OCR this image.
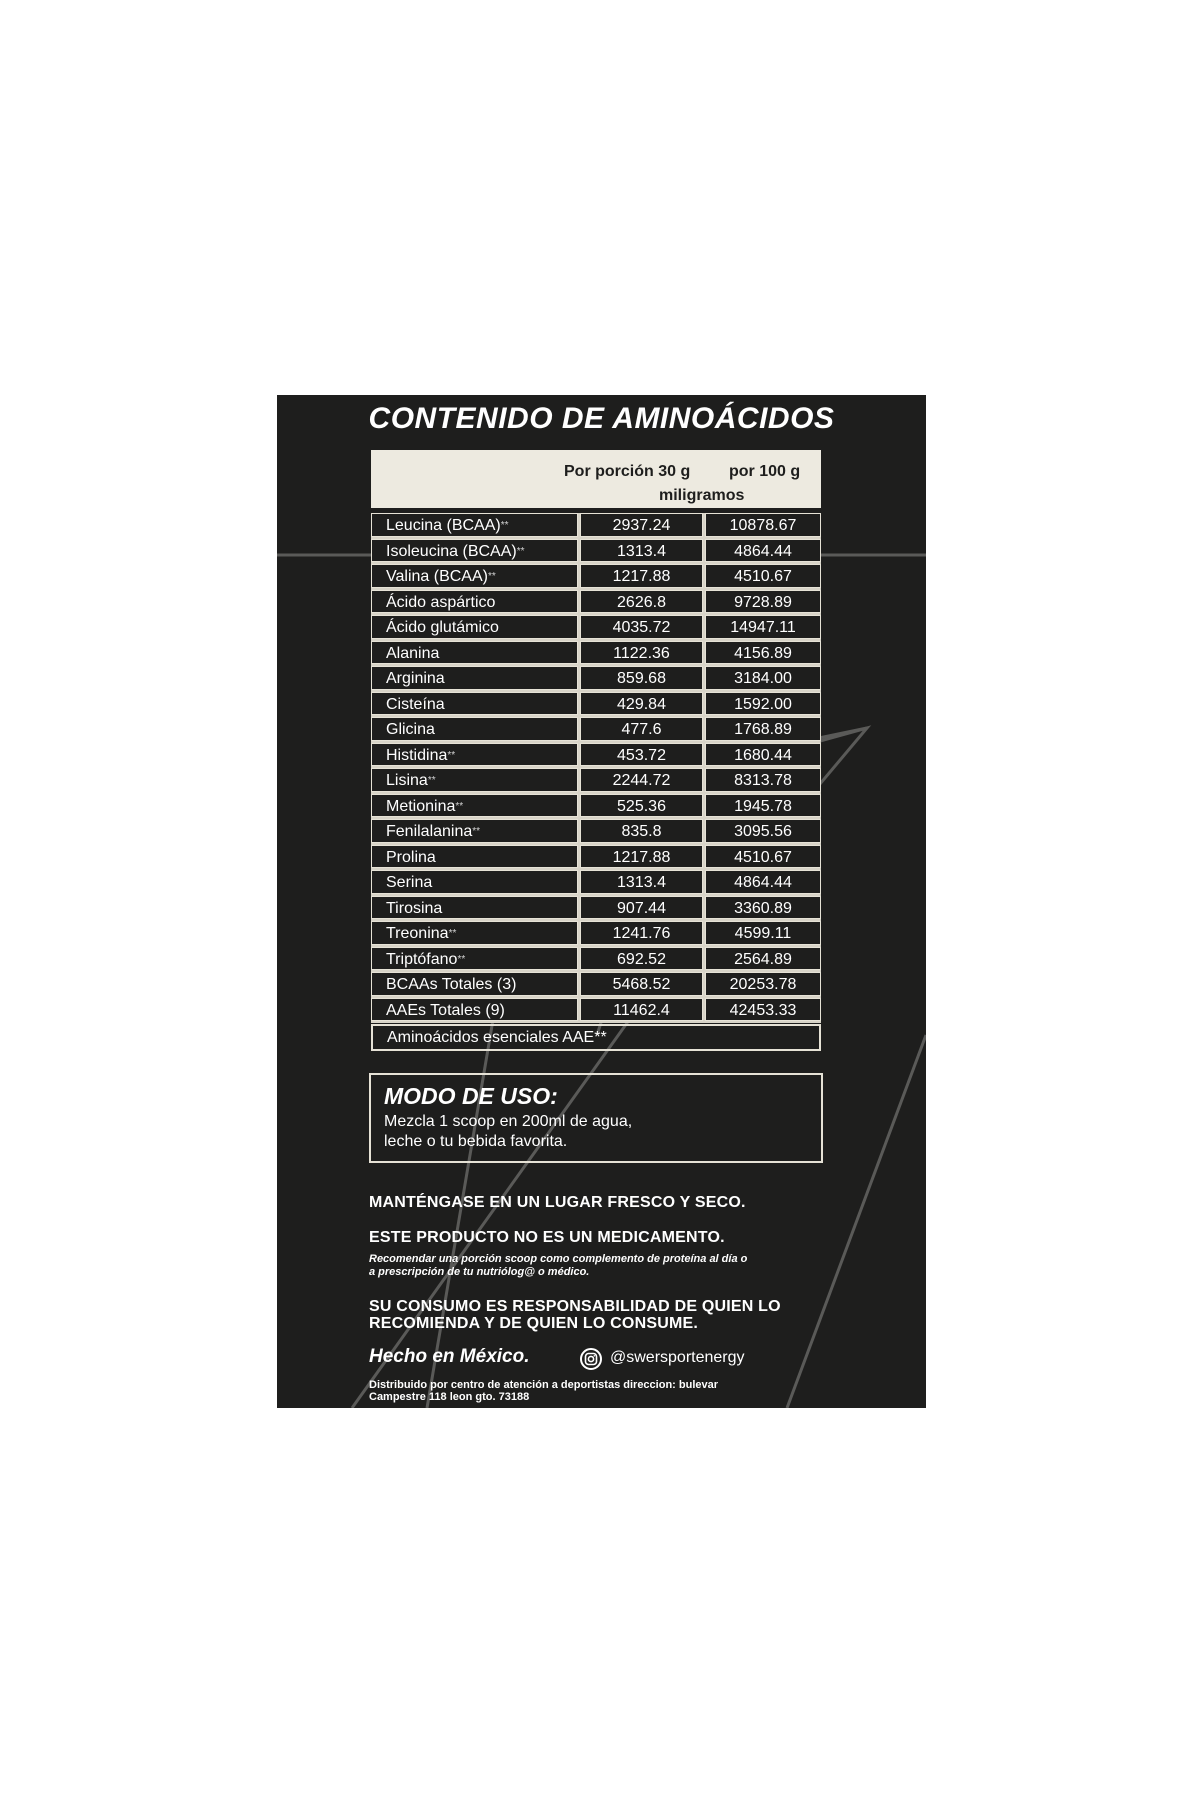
CONTENIDO DE AMINOÁCIDOS
Por porción 30 g por 100 g
miligramos
Leucina (BCAA)**	2937.24	10878.67
Isoleucina (BCAA)**	1313.4	4864.44
Valina (BCAA)**	1217.88	4510.67
Ácido aspártico	2626.8	9728.89
Ácido glutámico	4035.72	14947.11
Alanina	1122.36	4156.89
Arginina	859.68	3184.00
Cisteína	429.84	1592.00
Glicina	477.6	1768.89
Histidina**	453.72	1680.44
Lisina**	2244.72	8313.78
Metionina**	525.36	1945.78
Fenilalanina**	835.8	3095.56
Prolina	1217.88	4510.67
Serina	1313.4	4864.44
Tirosina	907.44	3360.89
Treonina**	1241.76	4599.11
Triptófano**	692.52	2564.89
BCAAs Totales (3)	5468.52	20253.78
AAEs Totales (9)	11462.4	42453.33
Aminoácidos esenciales AAE**
MODO DE USO:
Mezcla 1 scoop en 200ml de agua,
leche o tu bebida favorita.
MANTÉNGASE EN UN LUGAR FRESCO Y SECO.
ESTE PRODUCTO NO ES UN MEDICAMENTO.
Recomendar una porción scoop como complemento de proteína al día o
a prescripción de tu nutriólog@ o médico.
SU CONSUMO ES RESPONSABILIDAD DE QUIEN LO
RECOMIENDA Y DE QUIEN LO CONSUME.
Hecho en México.	@swersportenergy
Distribuido por centro de atención a deportistas direccion: bulevar
Campestre 118 leon gto. 73188
